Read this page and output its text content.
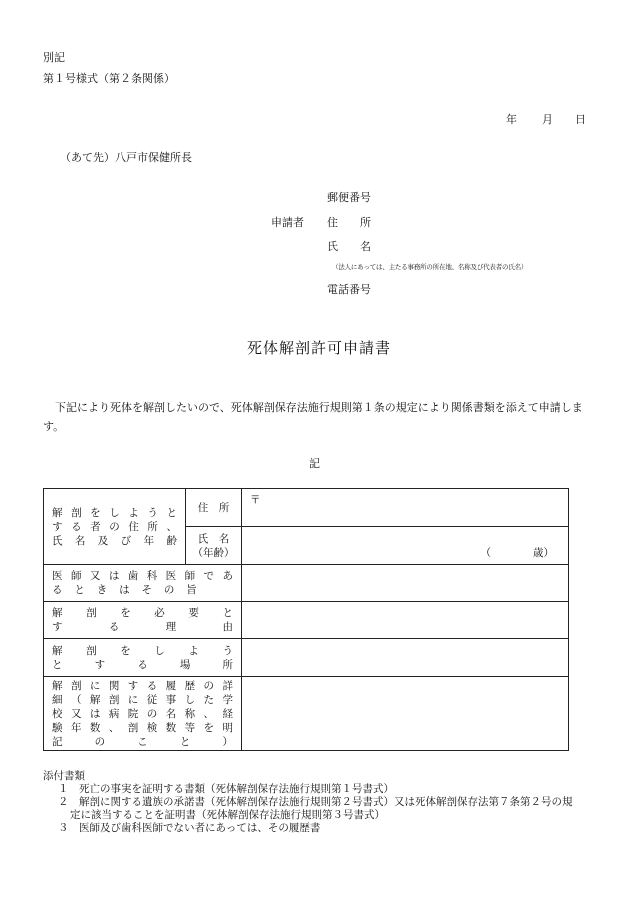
別記
第１号様式（第２条関係）
年 月 日
（あて先）八戸市保健所長
郵便番号
申請者 住　　所
氏　　名
（法人にあっては、主たる事務所の所在地、名称及び代表者の氏名）
電話番号
死体解剖許可申請書
下記により死体を解剖したいので、死体解剖保存法施行規則第１条の規定により関係書類を添えて申請します。
記
解剖をしようと
する者の住所、
氏名及び年齢	住　所	〒

	氏　名
（年齢）	（　　　　歳）

医師又は歯科医師であ
るときはその旨		

解剖を必要と
する理由		

解剖をしよう
とする場所		

解剖に関する履歴の詳
細（解剖に従事した学
校又は病院の名称、経
験年数、剖検数等を明
記のこと）		

添付書類
１　死亡の事実を証明する書類（死体解剖保存法施行規則第１号書式）
２　解剖に関する遺族の承諾書（死体解剖保存法施行規則第２号書式）又は死体解剖保存法第７条第２号の規定に該当することを証明書（死体解剖保存法施行規則第３号書式）
３　医師及び歯科医師でない者にあっては、その履歴書
